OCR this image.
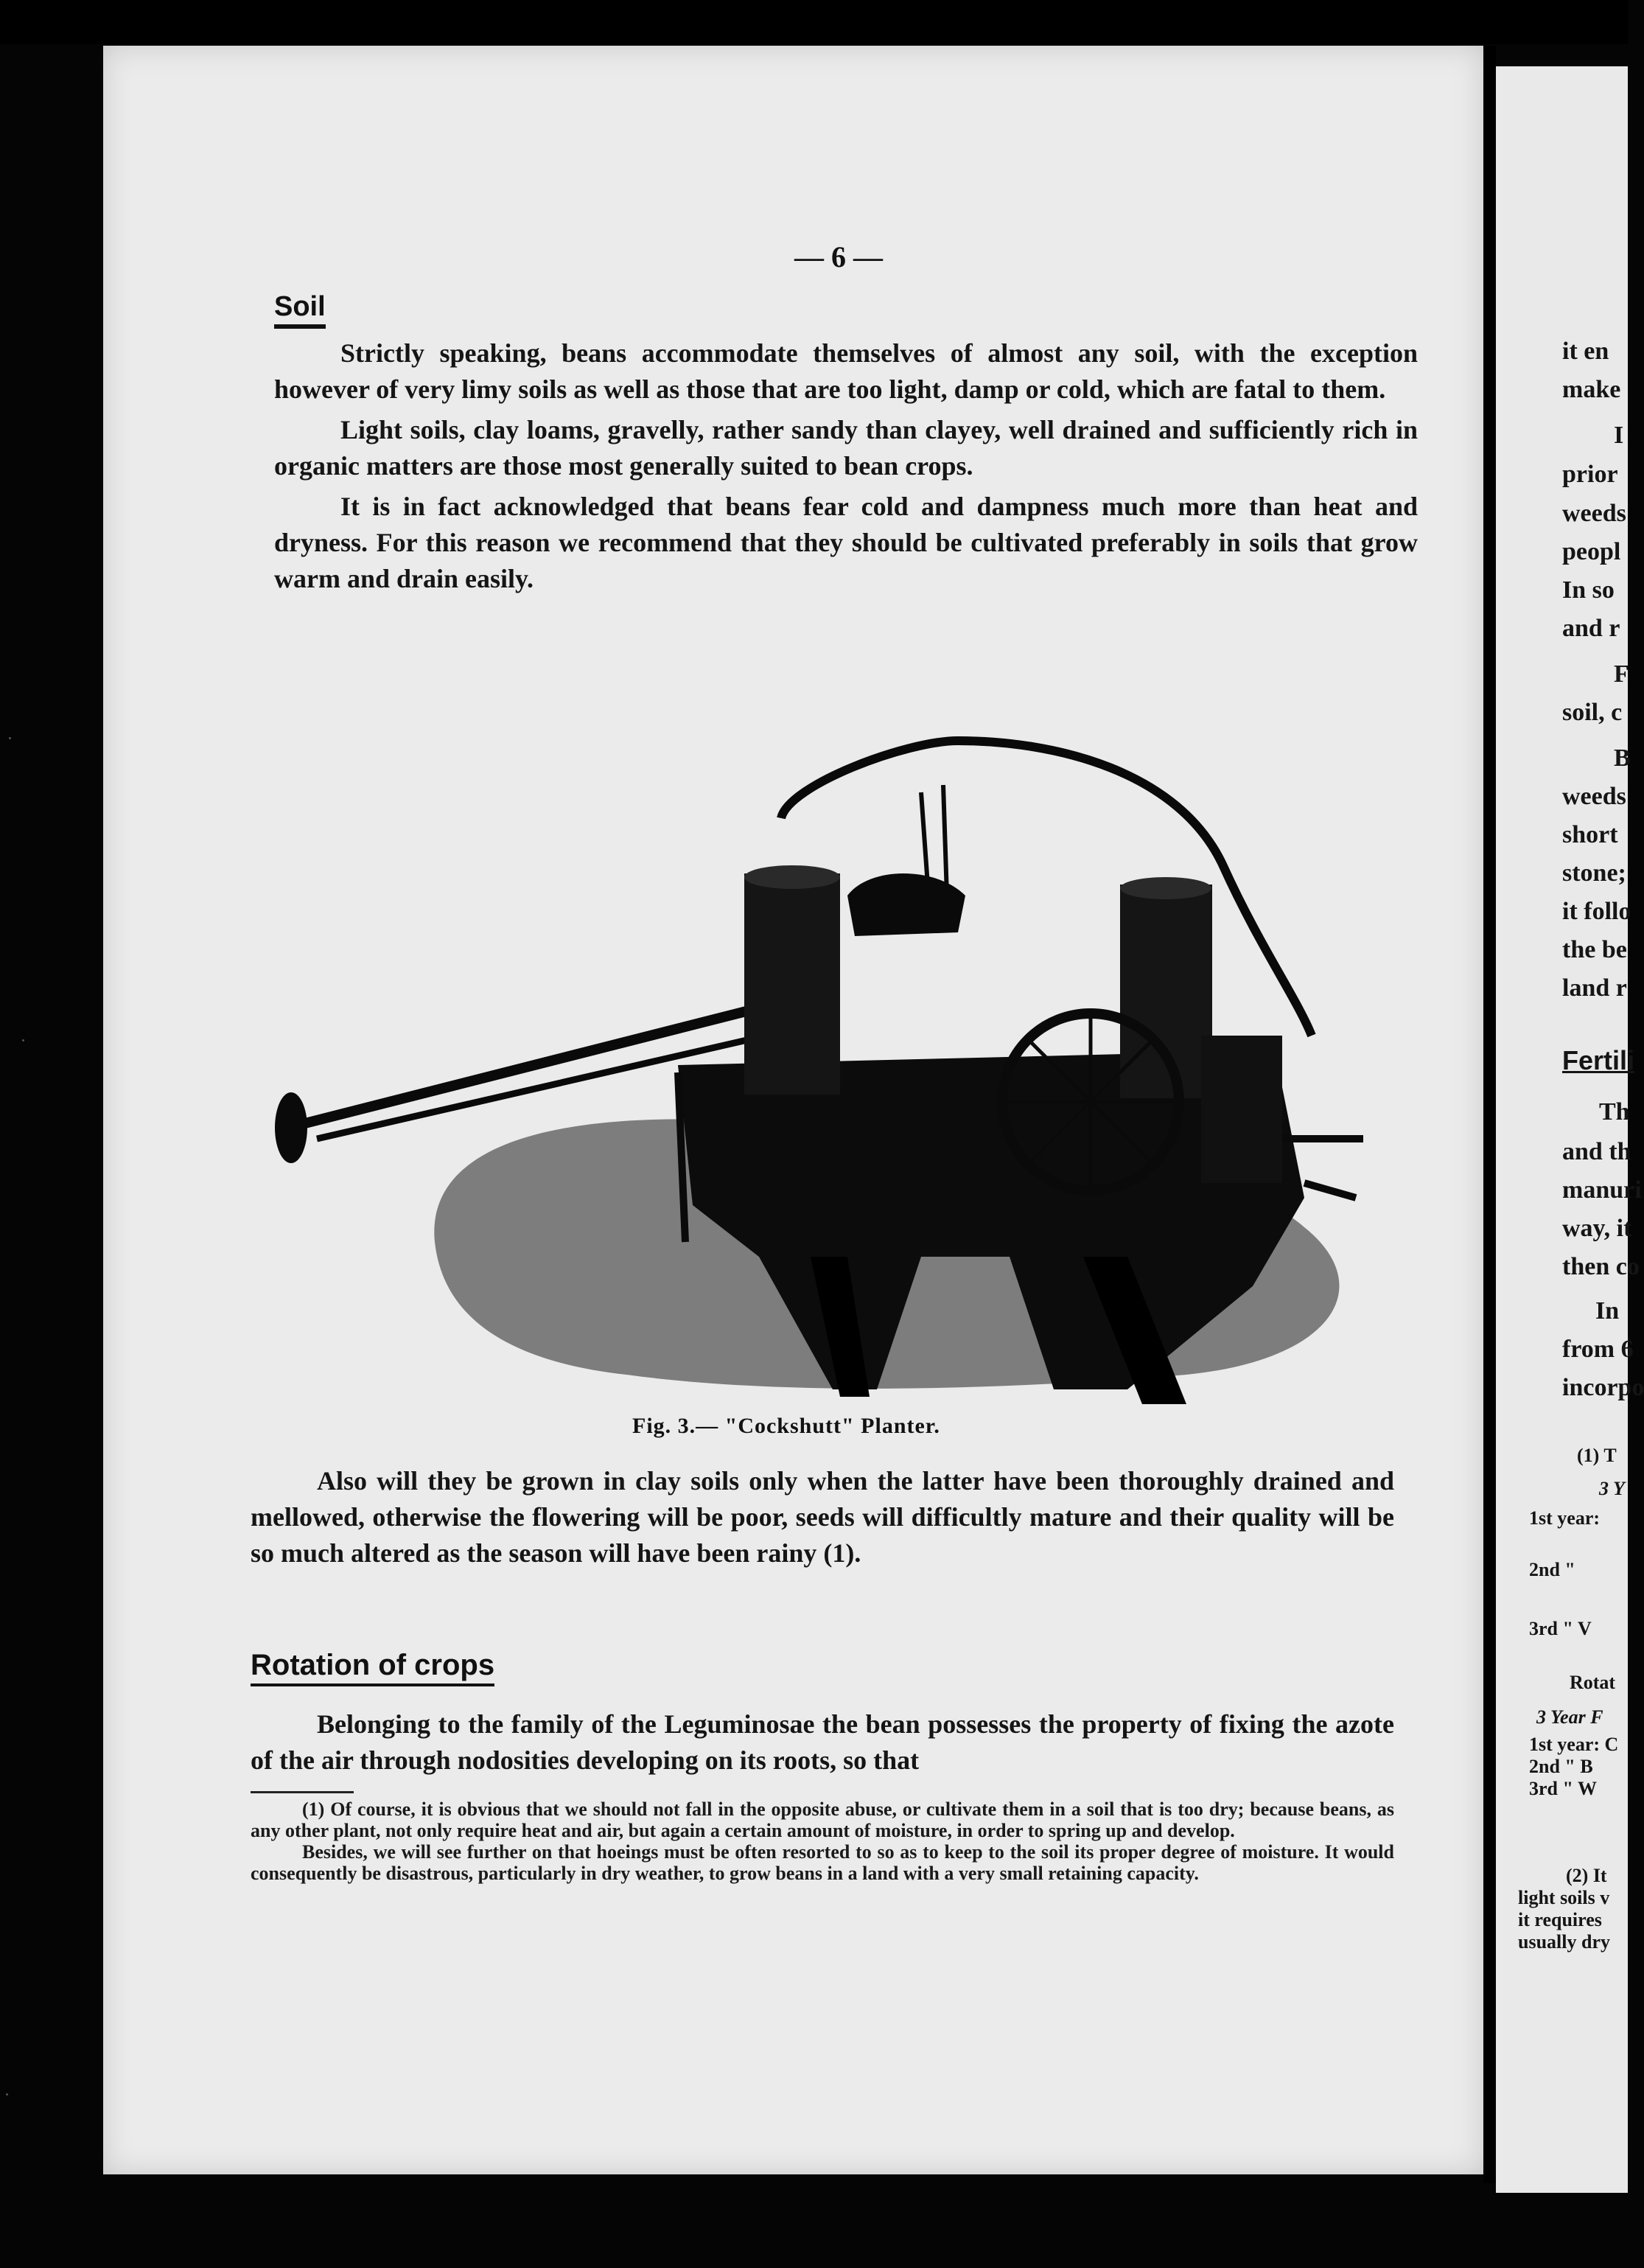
— 6 —
Soil

Strictly speaking, beans accommodate themselves of almost any soil, with the exception however of very limy soils as well as those that are too light, damp or cold, which are fatal to them.

Light soils, clay loams, gravelly, rather sandy than clayey, well drained and sufficiently rich in organic matters are those most generally suited to bean crops.

It is in fact acknowledged that beans fear cold and dampness much more than heat and dryness. For this reason we recommend that they should be cultivated preferably in soils that grow warm and drain easily.

Fig. 3.— "Cockshutt" Planter.

Also will they be grown in clay soils only when the latter have been thoroughly drained and mellowed, otherwise the flowering will be poor, seeds will difficultly mature and their quality will be so much altered as the season will have been rainy (1).

Rotation of crops

Belonging to the family of the Leguminosae the bean possesses the property of fixing the azote of the air through nodosities developing on its roots, so that

(1) Of course, it is obvious that we should not fall in the opposite abuse, or cultivate them in a soil that is too dry; because beans, as any other plant, not only require heat and air, but again a certain amount of moisture, in order to spring up and develop.

Besides, we will see further on that hoeings must be often resorted to so as to keep to the soil its proper degree of moisture. It would consequently be disastrous, particularly in dry weather, to grow beans in a land with a very small retaining capacity.

it en
make
I
prior
weeds
peopl
In so
and r
F
soil, c
B
weeds
short
stone;
it follo
the be
land r
Fertili
Th
and th
manuri
way, it
then co
In
from 6
incorpo
(1) T
3 Y
1st year:
2nd "
3rd " V
Rotat
3 Year F
1st year: C
2nd " B
3rd " W
(2) It
light soils v
it requires
usually dry
